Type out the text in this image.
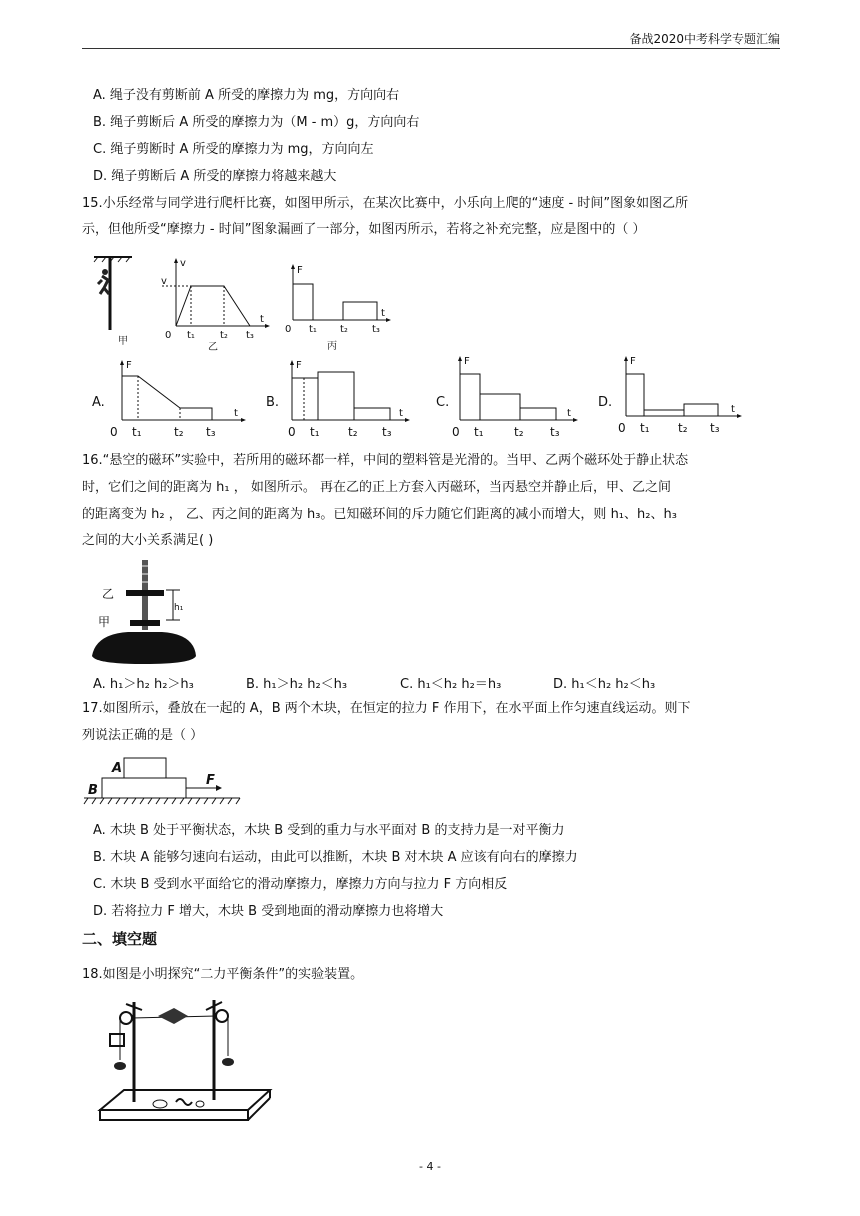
备战2020中考科学专题汇编
A. 绳子没有剪断前 A 所受的摩擦力为 mg，方向向右
B. 绳子剪断后 A 所受的摩擦力为（M - m）g，方向向右
C. 绳子剪断时 A 所受的摩擦力为 mg，方向向左
D. 绳子剪断后 A 所受的摩擦力将越来越大
15.小乐经常与同学进行爬杆比赛，如图甲所示，在某次比赛中，小乐向上爬的“速度 - 时间”图象如图乙所
示，但他所受“摩擦力 - 时间”图象漏画了一部分，如图丙所示，若将之补充完整，应是图中的（ ）
甲
v
v
t
0 t₁	t₂ t₃
乙
F
t
0 t₁ t₂ t₃
丙
A.
F
t
0 t₁	t₂ t₃
B.
F
t
0 t₁ t₂ t₃
C.
F
t
0 t₁	t₂ t₃
D.
F
t
0 t₁ t₂ t₃
16.“悬空的磁环”实验中，若所用的磁环都一样，中间的塑料管是光滑的。当甲、乙两个磁环处于静止状态
时，它们之间的距离为 h₁ ， 如图所示。 再在乙的正上方套入丙磁环，当丙悬空并静止后，甲、乙之间
的距离变为 h₂ ， 乙、丙之间的距离为 h₃。已知磁环间的斥力随它们距离的减小而增大，则 h₁、h₂、h₃
之间的大小关系满足( )
乙
甲
h₁
A. h₁＞h₂ h₂＞h₃	B. h₁＞h₂ h₂＜h₃	C. h₁＜h₂ h₂＝h₃	D. h₁＜h₂ h₂＜h₃
17.如图所示，叠放在一起的 A，B 两个木块，在恒定的拉力 F 作用下，在水平面上作匀速直线运动。则下
列说法正确的是（ ）
A
B
F
A. 木块 B 处于平衡状态，木块 B 受到的重力与水平面对 B 的支持力是一对平衡力
B. 木块 A 能够匀速向右运动，由此可以推断，木块 B 对木块 A 应该有向右的摩擦力
C. 木块 B 受到水平面给它的滑动摩擦力，摩擦力方向与拉力 F 方向相反
D. 若将拉力 F 增大，木块 B 受到地面的滑动摩擦力也将增大
二、填空题
18.如图是小明探究“二力平衡条件”的实验装置。
- 4 -
